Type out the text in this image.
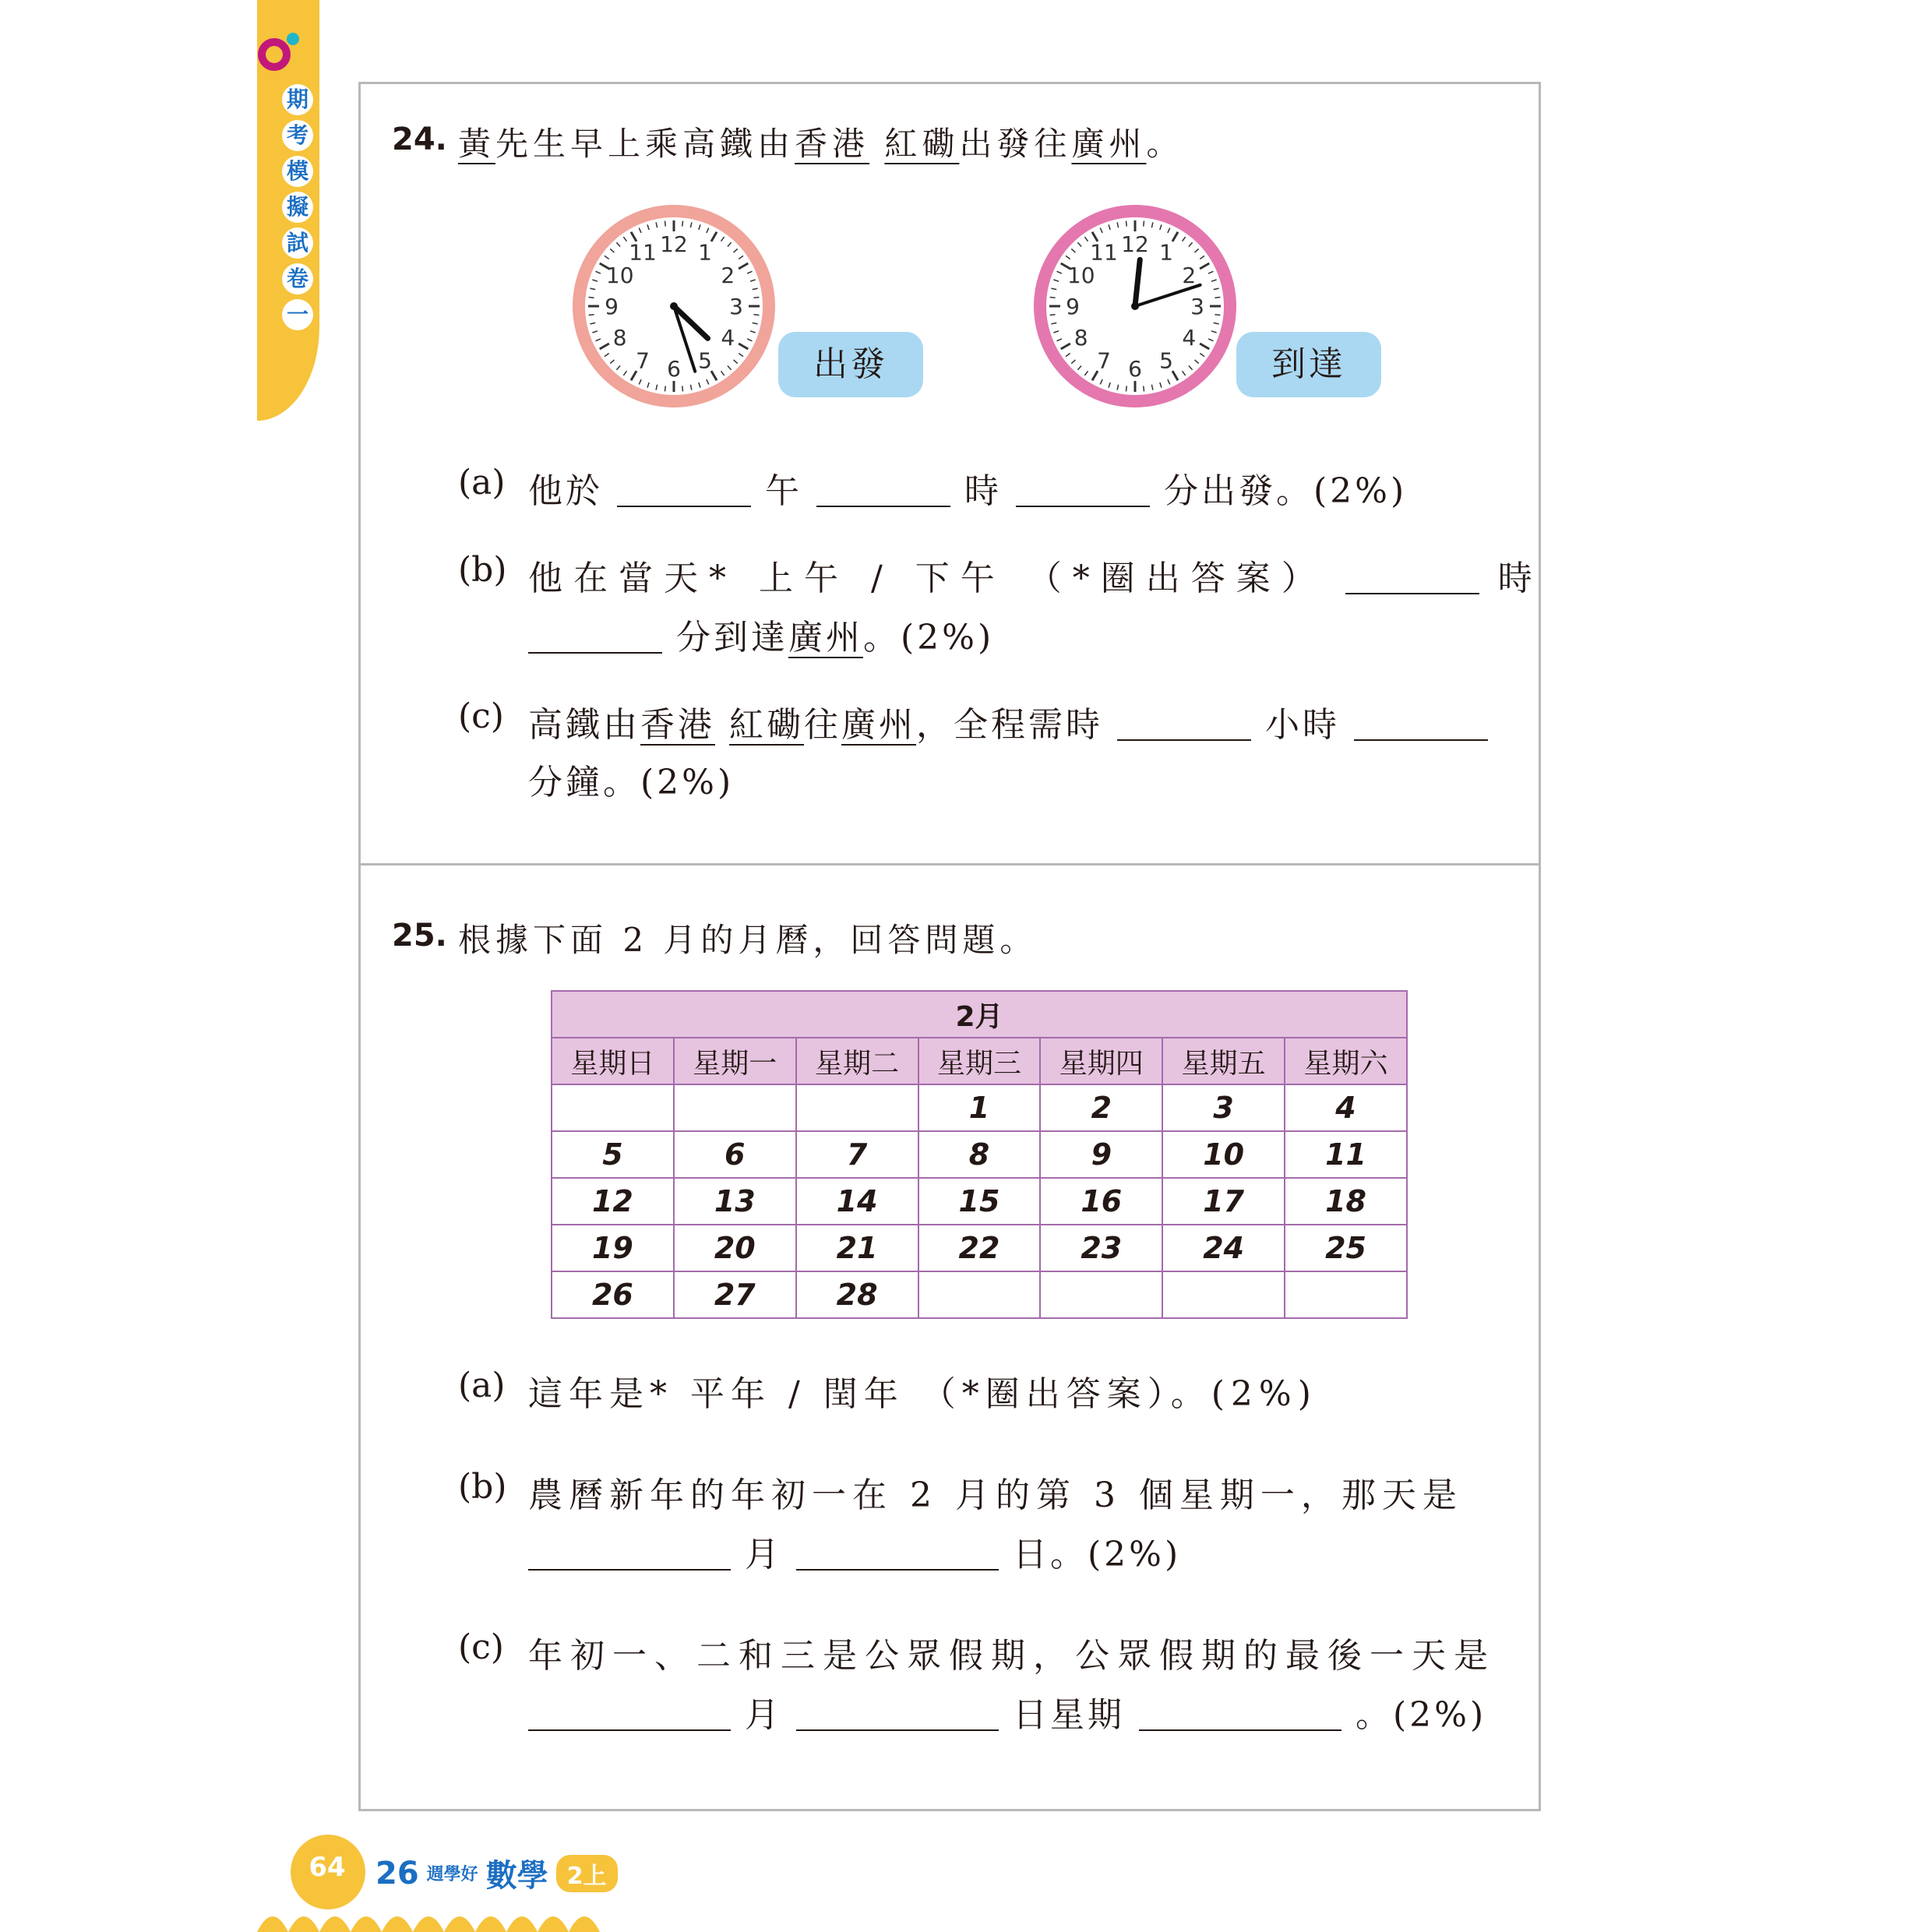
期
考
模
擬
試
卷
一
24. 黃先生早上乘高鐵由香港 紅磡出發往廣州。
1
2
3
4
5
6
7
8
9
10
11 12
出發
1
2
3
4
5
6
7
8
9
10
11 12
到達
(a) 他於	午	時	分出發。(2%)
(b) 他在當天* 上午 / 下午 （*圈出答案）	時
分到達廣州。(2%)
(c) 高鐵由香港 紅磡往廣州，全程需時	小時
分鐘。(2%)
25. 根據下面 2 月的月曆，回答問題。
2月						
星期日	星期一	星期二	星期三	星期四	星期五	星期六
			1	2	3	4
5	6	7	8	9	10	11
12	13	14	15	16	17	18
19	20	21	22	23	24	25
26	27	28				
(a) 這年是* 平年 / 閏年 （*圈出答案）。(2%)
(b) 農曆新年的年初一在 2 月的第 3 個星期一，那天是
月	日。(2%)
(c) 年初一、二和三是公眾假期，公眾假期的最後一天是
月	日星期	。(2%)
64 26 週學好 數學 2上
